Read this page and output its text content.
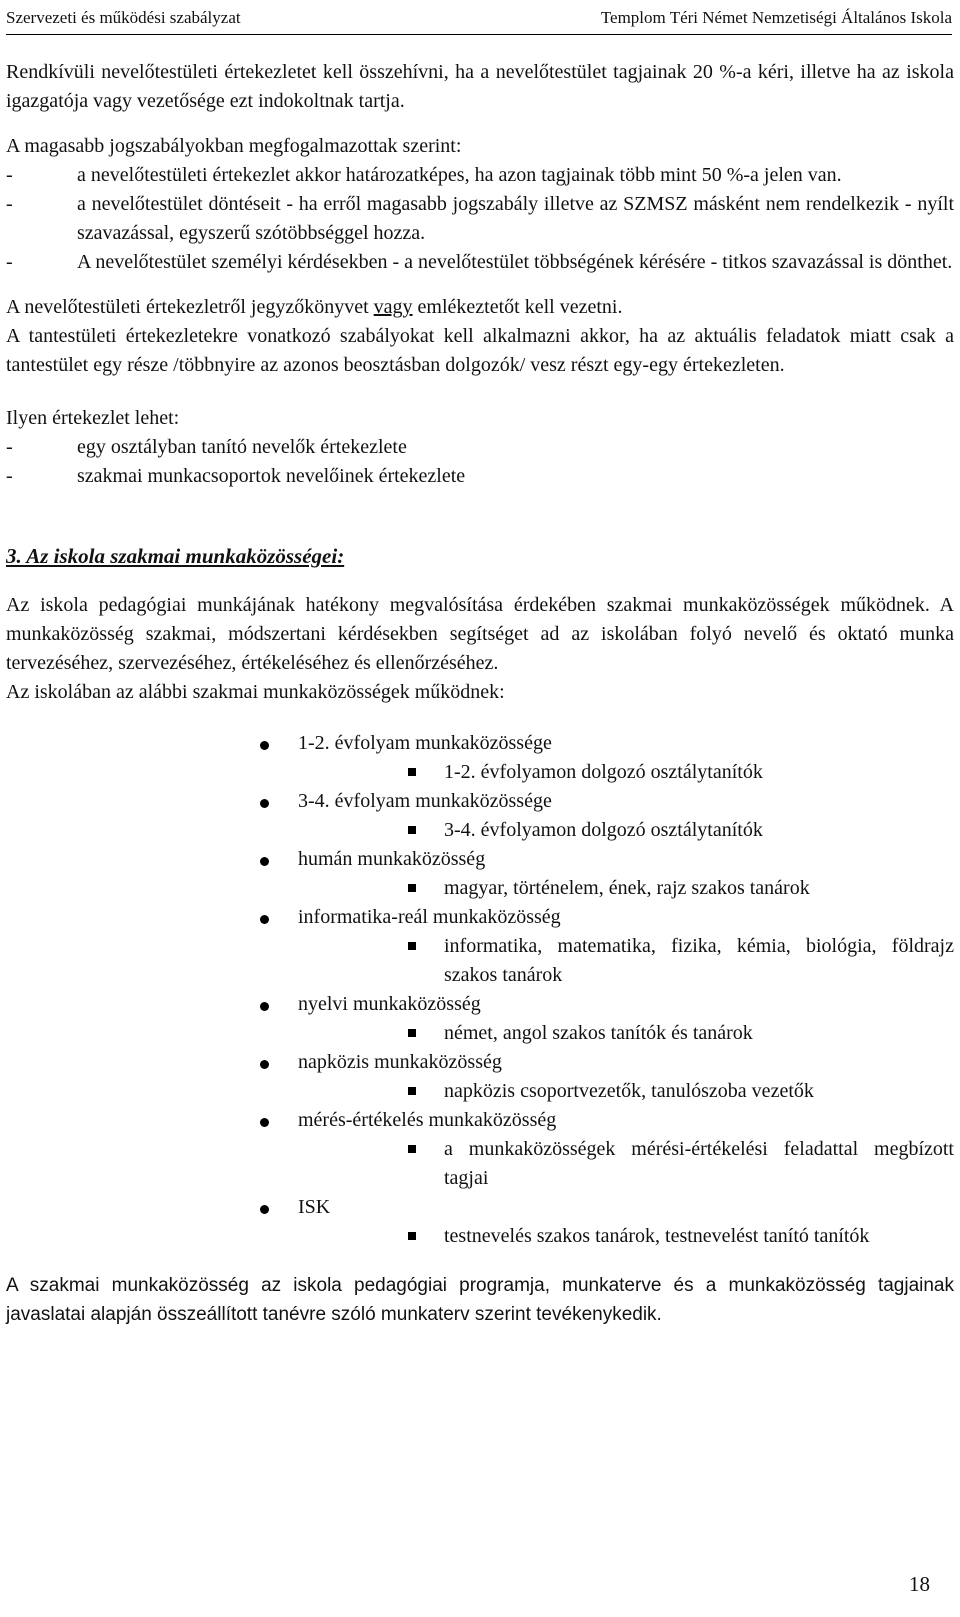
Szervezeti és működési szabályzat	Templom Téri Német Nemzetiségi Általános Iskola

Rendkívüli nevelőtestületi értekezletet kell összehívni, ha a nevelőtestület tagjainak 20 %-a kéri, illetve ha az iskola igazgatója vagy vezetősége ezt indokoltnak tartja.

A magasabb jogszabályokban megfogalmazottak szerint:

-	a nevelőtestületi értekezlet akkor határozatképes, ha azon tagjainak több mint 50 %-a jelen van.
-	a nevelőtestület döntéseit - ha erről magasabb jogszabály illetve az SZMSZ másként nem rendelkezik - nyílt szavazással, egyszerű szótöbbséggel hozza.
-	A nevelőtestület személyi kérdésekben - a nevelőtestület többségének kérésére - titkos szavazással is dönthet.

A nevelőtestületi értekezletről jegyzőkönyvet vagy emlékeztetőt kell vezetni.

A tantestületi értekezletekre vonatkozó szabályokat kell alkalmazni akkor, ha az aktuális feladatok miatt csak a tantestület egy része /többnyire az azonos beosztásban dolgozók/ vesz részt egy-egy értekezleten.

Ilyen értekezlet lehet:

-	egy osztályban tanító nevelők értekezlete
-	szakmai munkacsoportok nevelőinek értekezlete

3. Az iskola szakmai munkaközösségei:

Az iskola pedagógiai munkájának hatékony megvalósítása érdekében szakmai munkaközösségek működnek. A munkaközösség szakmai, módszertani kérdésekben segítséget ad az iskolában folyó nevelő és oktató munka tervezéséhez, szervezéséhez, értékeléséhez és ellenőrzéséhez.

Az iskolában az alábbi szakmai munkaközösségek működnek:

1-2. évfolyam munkaközössége
1-2. évfolyamon dolgozó osztálytanítók
3-4. évfolyam munkaközössége
3-4. évfolyamon dolgozó osztálytanítók
humán munkaközösség
magyar, történelem, ének, rajz szakos tanárok
informatika-reál munkaközösség
informatika, matematika, fizika, kémia, biológia, földrajz szakos tanárok
nyelvi munkaközösség
német, angol szakos tanítók és tanárok
napközis munkaközösség
napközis csoportvezetők, tanulószoba vezetők
mérés-értékelés munkaközösség
a munkaközösségek mérési-értékelési feladattal megbízott tagjai
ISK
testnevelés szakos tanárok, testnevelést tanító tanítók

A szakmai munkaközösség az iskola pedagógiai programja, munkaterve és a munkaközösség tagjainak javaslatai alapján összeállított tanévre szóló munkaterv szerint tevékenykedik.

18
